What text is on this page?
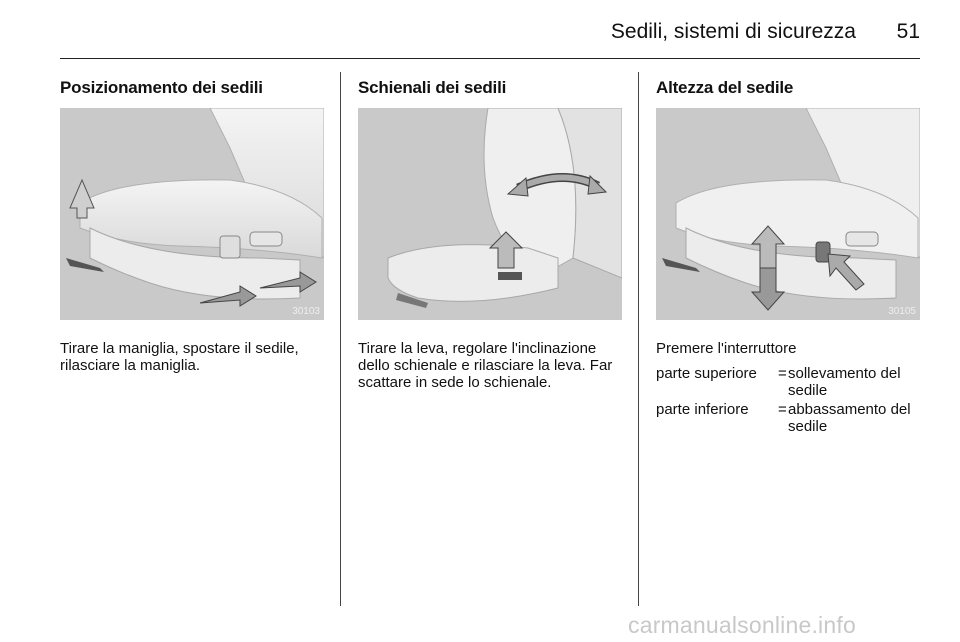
Sedili, sistemi di sicurezza 51
Posizionamento dei sedili
30103

Tirare la maniglia, spostare il sedile, rilasciare la maniglia.

Schienali dei sedili

Tirare la leva, regolare l'inclinazione dello schienale e rilasciare la leva. Far scattare in sede lo schienale.

Altezza del sedile
30105

Premere l'interruttore

parte superiore	= sollevamento del sedile
parte inferiore	= abbassamento del sedile
carmanualsonline.info
